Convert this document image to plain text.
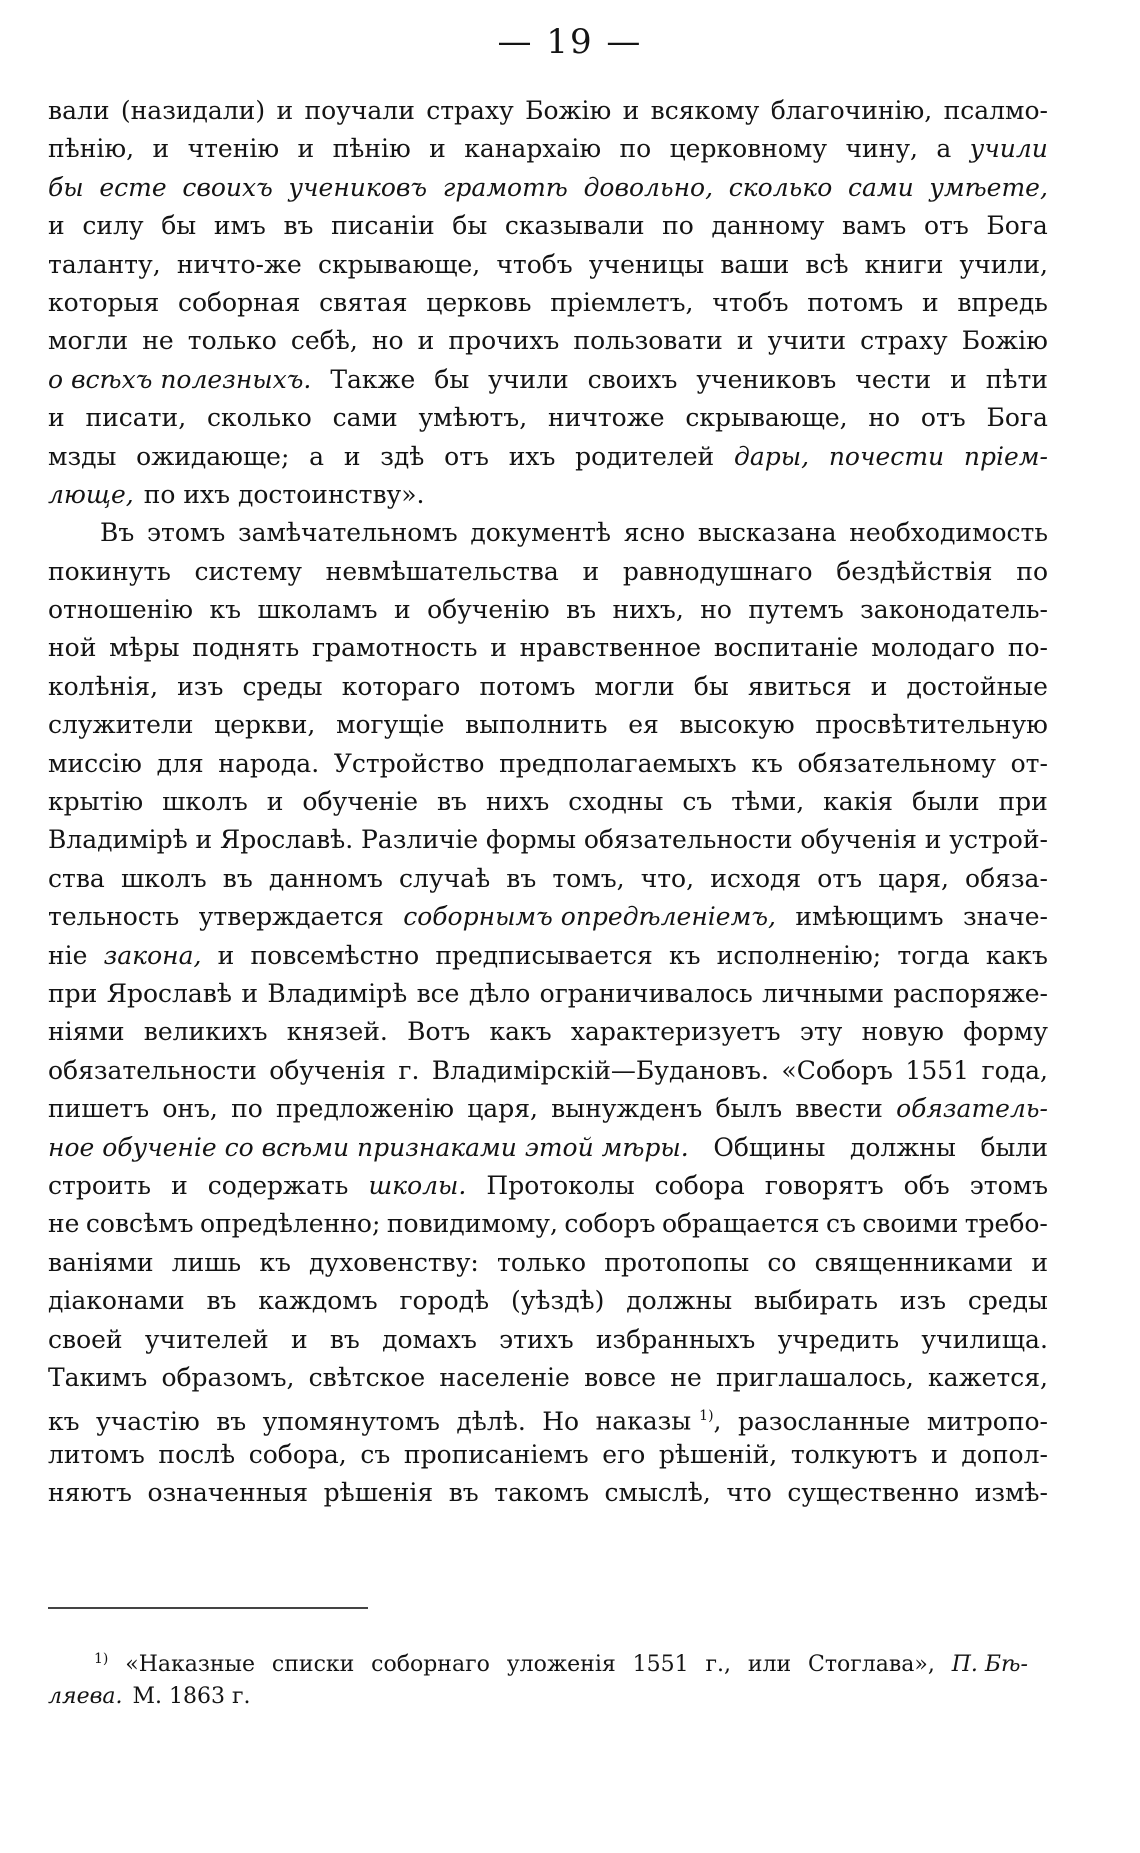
— 19 —
вали (назидали) и поучали страху Божію и всякому благочинію, псалмо-
пѣнію, и чтенію и пѣнію и канархаію по церковному чину, а учили
бы есте своихъ учениковъ грамотѣ довольно, сколько сами умѣете,
и силу бы имъ въ писаніи бы сказывали по данному вамъ отъ Бога
таланту, ничто-же скрывающе, чтобъ ученицы ваши всѣ книги учили,
которыя соборная святая церковь пріемлетъ, чтобъ потомъ и впредь
могли не только себѣ, но и прочихъ пользовати и учити страху Божію
о всѣхъ полезныхъ. Также бы учили своихъ учениковъ чести и пѣти
и писати, сколько сами умѣютъ, ничтоже скрывающе, но отъ Бога
мзды ожидающе; а и здѣ отъ ихъ родителей дары, почести пріем-
люще, по ихъ достоинству».
Въ этомъ замѣчательномъ документѣ ясно высказана необходимость
покинуть систему невмѣшательства и равнодушнаго бездѣйствія по
отношенію къ школамъ и обученію въ нихъ, но путемъ законодатель-
ной мѣры поднять грамотность и нравственное воспитаніе молодаго по-
колѣнія, изъ среды котораго потомъ могли бы явиться и достойные
служители церкви, могущіе выполнить ея высокую просвѣтительную
миссію для народа. Устройство предполагаемыхъ къ обязательному от-
крытію школъ и обученіе въ нихъ сходны съ тѣми, какія были при
Владимірѣ и Ярославѣ. Различіе формы обязательности обученія и устрой-
ства школъ въ данномъ случаѣ въ томъ, что, исходя отъ царя, обяза-
тельность утверждается соборнымъ опредѣленіемъ, имѣющимъ значе-
ніе закона, и повсемѣстно предписывается къ исполненію; тогда какъ
при Ярославѣ и Владимірѣ все дѣло ограничивалось личными распоряже-
ніями великихъ князей. Вотъ какъ характеризуетъ эту новую форму
обязательности обученія г. Владимірскій—Будановъ. «Соборъ 1551 года,
пишетъ онъ, по предложенію царя, вынужденъ былъ ввести обязатель-
ное обученіе со всѣми признаками этой мѣры. Общины должны были
строить и содержать школы. Протоколы собора говорятъ объ этомъ
не совсѣмъ опредѣленно; повидимому, соборъ обращается съ своими требо-
ваніями лишь къ духовенству: только протопопы со священниками и
діаконами въ каждомъ городѣ (уѣздѣ) должны выбирать изъ среды
своей учителей и въ домахъ этихъ избранныхъ учредить училища.
Такимъ образомъ, свѣтское населеніе вовсе не приглашалось, кажется,
къ участію въ упомянутомъ дѣлѣ. Но наказы $^{1)}$, разосланные митропо-
литомъ послѣ собора, съ прописаніемъ его рѣшеній, толкуютъ и допол-
няютъ означенныя рѣшенія въ такомъ смыслѣ, что существенно измѣ-
$^{1)}$ «Наказные списки соборнаго уложенія 1551 г., или Стоглава», П. Бѣ-
ляева. М. 1863 г.
